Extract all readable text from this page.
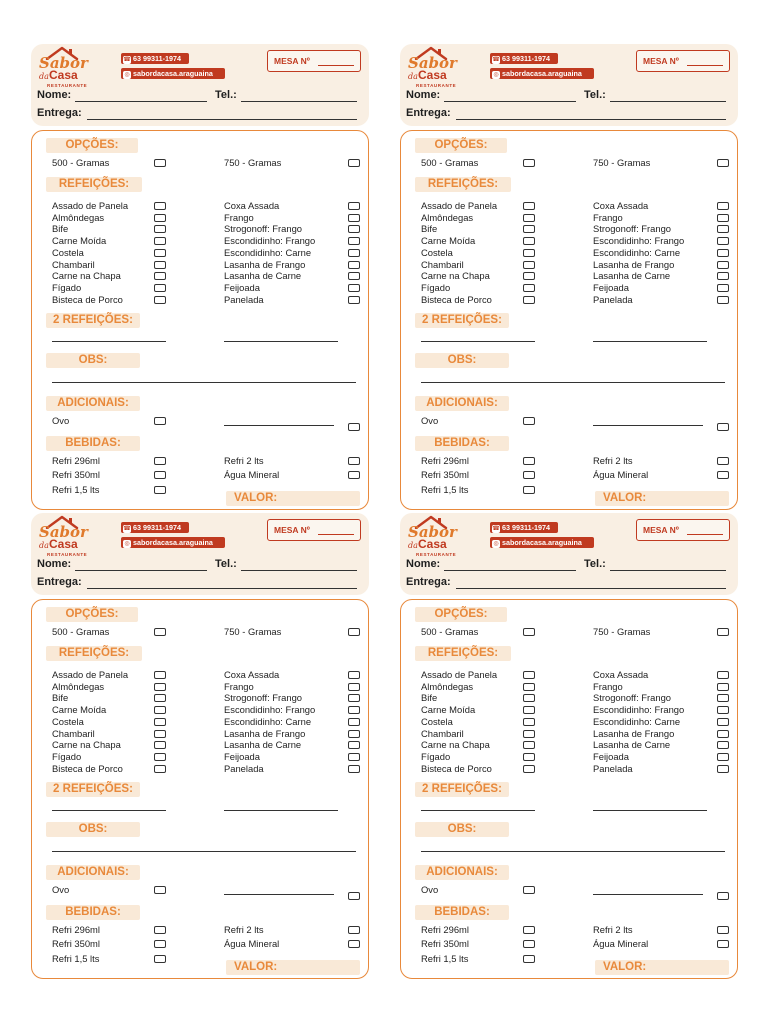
Sabor
da Casa
RESTAURANTE
☎ 63 99311-1974
◎ sabordacasa.araguaina
MESA Nº
Nome:	Tel.:
Entrega:
OPÇÕES:
500 - Gramas	750 - Gramas
REFEIÇÕES:
Assado de Panela
Almôndegas
Bife
Carne Moída
Costela
Chambaril
Carne na Chapa
Fígado
Bisteca de Porco
Coxa Assada
Frango
Strogonoff: Frango
Escondidinho: Frango
Escondidinho: Carne
Lasanha de Frango
Lasanha de Carne
Feijoada
Panelada
2 REFEIÇÕES:
OBS:
ADICIONAIS:
Ovo
BEBIDAS:
Refri 296ml
Refri 350ml
Refri 1,5 lts
Refri 2 lts
Água Mineral
VALOR:
Sabor
da Casa
RESTAURANTE
☎ 63 99311-1974
◎ sabordacasa.araguaina
MESA Nº
Nome:	Tel.:
Entrega:
OPÇÕES:
500 - Gramas	750 - Gramas
REFEIÇÕES:
Assado de Panela
Almôndegas
Bife
Carne Moída
Costela
Chambaril
Carne na Chapa
Fígado
Bisteca de Porco
Coxa Assada
Frango
Strogonoff: Frango
Escondidinho: Frango
Escondidinho: Carne
Lasanha de Frango
Lasanha de Carne
Feijoada
Panelada
2 REFEIÇÕES:
OBS:
ADICIONAIS:
Ovo
BEBIDAS:
Refri 296ml
Refri 350ml
Refri 1,5 lts
Refri 2 lts
Água Mineral
VALOR:
Sabor
da Casa
RESTAURANTE
☎ 63 99311-1974
◎ sabordacasa.araguaina
MESA Nº
Nome:	Tel.:
Entrega:
OPÇÕES:
500 - Gramas	750 - Gramas
REFEIÇÕES:
Assado de Panela
Almôndegas
Bife
Carne Moída
Costela
Chambaril
Carne na Chapa
Fígado
Bisteca de Porco
Coxa Assada
Frango
Strogonoff: Frango
Escondidinho: Frango
Escondidinho: Carne
Lasanha de Frango
Lasanha de Carne
Feijoada
Panelada
2 REFEIÇÕES:
OBS:
ADICIONAIS:
Ovo
BEBIDAS:
Refri 296ml
Refri 350ml
Refri 1,5 lts
Refri 2 lts
Água Mineral
VALOR:
Sabor
da Casa
RESTAURANTE
☎ 63 99311-1974
◎ sabordacasa.araguaina
MESA Nº
Nome:	Tel.:
Entrega:
OPÇÕES:
500 - Gramas	750 - Gramas
REFEIÇÕES:
Assado de Panela
Almôndegas
Bife
Carne Moída
Costela
Chambaril
Carne na Chapa
Fígado
Bisteca de Porco
Coxa Assada
Frango
Strogonoff: Frango
Escondidinho: Frango
Escondidinho: Carne
Lasanha de Frango
Lasanha de Carne
Feijoada
Panelada
2 REFEIÇÕES:
OBS:
ADICIONAIS:
Ovo
BEBIDAS:
Refri 296ml
Refri 350ml
Refri 1,5 lts
Refri 2 lts
Água Mineral
VALOR:
